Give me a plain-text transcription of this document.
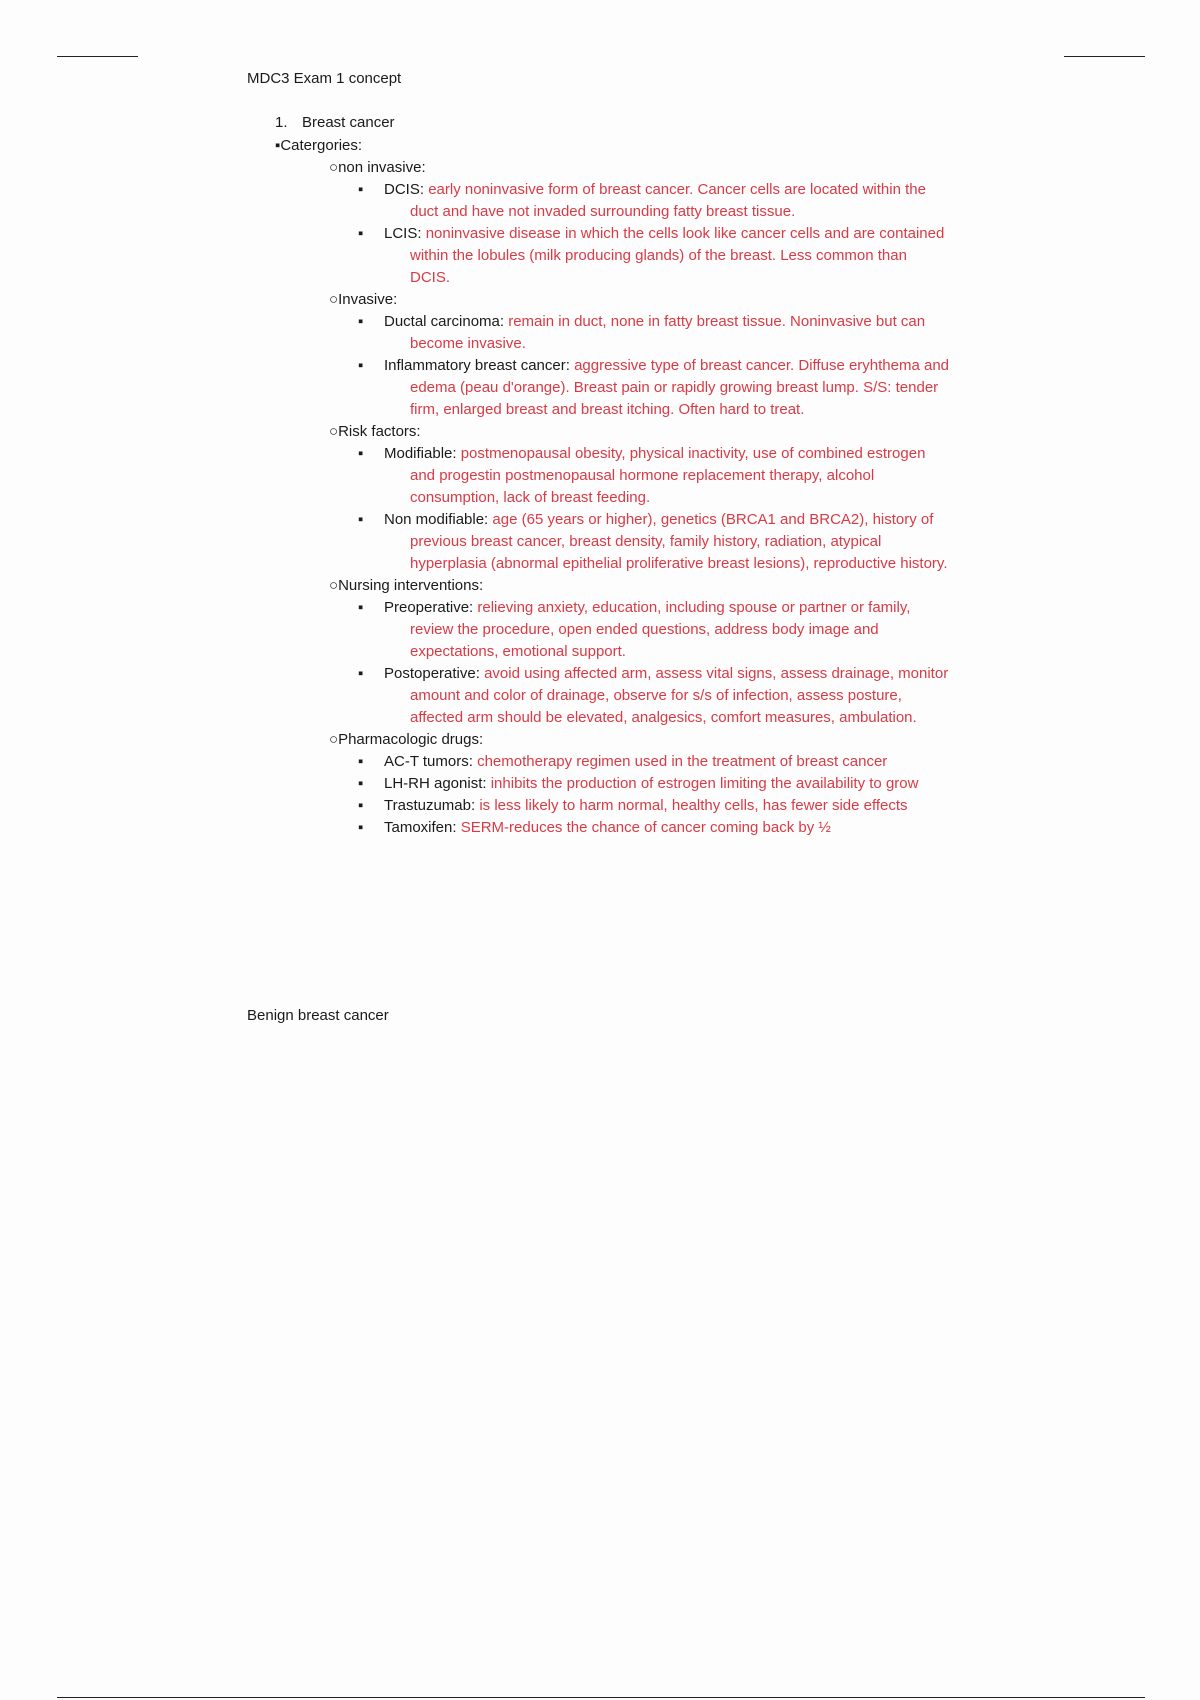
MDC3 Exam 1 concept
1. Breast cancer
▪Catergories:
○non invasive:
▪ DCIS: early noninvasive form of breast cancer. Cancer cells are located within the duct and have not invaded surrounding fatty breast tissue.
▪ LCIS: noninvasive disease in which the cells look like cancer cells and are contained within the lobules (milk producing glands) of the breast. Less common than DCIS.
○Invasive:
▪ Ductal carcinoma: remain in duct, none in fatty breast tissue. Noninvasive but can become invasive.
▪ Inflammatory breast cancer: aggressive type of breast cancer. Diffuse eryhthema and edema (peau d'orange). Breast pain or rapidly growing breast lump. S/S: tender firm, enlarged breast and breast itching. Often hard to treat.
○Risk factors:
▪ Modifiable: postmenopausal obesity, physical inactivity, use of combined estrogen and progestin postmenopausal hormone replacement therapy, alcohol consumption, lack of breast feeding.
▪ Non modifiable: age (65 years or higher), genetics (BRCA1 and BRCA2), history of previous breast cancer, breast density, family history, radiation, atypical hyperplasia (abnormal epithelial proliferative breast lesions), reproductive history.
○Nursing interventions:
▪ Preoperative: relieving anxiety, education, including spouse or partner or family, review the procedure, open ended questions, address body image and expectations, emotional support.
▪ Postoperative: avoid using affected arm, assess vital signs, assess drainage, monitor amount and color of drainage, observe for s/s of infection, assess posture, affected arm should be elevated, analgesics, comfort measures, ambulation.
○Pharmacologic drugs:
▪ AC-T tumors: chemotherapy regimen used in the treatment of breast cancer
▪ LH-RH agonist: inhibits the production of estrogen limiting the availability to grow
▪ Trastuzumab: is less likely to harm normal, healthy cells, has fewer side effects
▪ Tamoxifen: SERM-reduces the chance of cancer coming back by ½
Benign breast cancer
